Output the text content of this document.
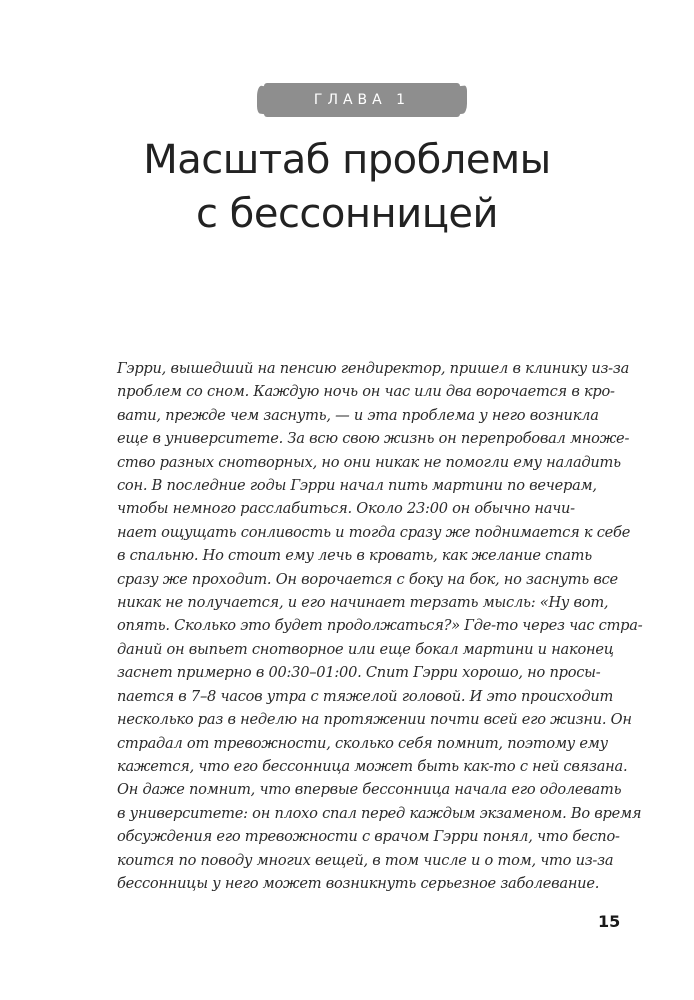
ГЛАВА 1
Масштаб проблемы
с бессонницей
Гэрри, вышедший на пенсию гендиректор, пришел в клинику из-за
проблем со сном. Каждую ночь он час или два ворочается в кро-
вати, прежде чем заснуть, — и эта проблема у него возникла
еще в университете. За всю свою жизнь он перепробовал множе-
ство разных снотворных, но они никак не помогли ему наладить
сон. В последние годы Гэрри начал пить мартини по вечерам,
чтобы немного расслабиться. Около 23:00 он обычно начи-
нает ощущать сонливость и тогда сразу же поднимается к себе
в спальню. Но стоит ему лечь в кровать, как желание спать
сразу же проходит. Он ворочается с боку на бок, но заснуть все
никак не получается, и его начинает терзать мысль: «Ну вот,
опять. Сколько это будет продолжаться?» Где-то через час стра-
даний он выпьет снотворное или еще бокал мартини и наконец
заснет примерно в 00:30–01:00. Спит Гэрри хорошо, но просы-
пается в 7–8 часов утра с тяжелой головой. И это происходит
несколько раз в неделю на протяжении почти всей его жизни. Он
страдал от тревожности, сколько себя помнит, поэтому ему
кажется, что его бессонница может быть как-то с ней связана.
Он даже помнит, что впервые бессонница начала его одолевать
в университете: он плохо спал перед каждым экзаменом. Во время
обсуждения его тревожности с врачом Гэрри понял, что беспо-
коится по поводу многих вещей, в том числе и о том, что из-за
бессонницы у него может возникнуть серьезное заболевание.
15
